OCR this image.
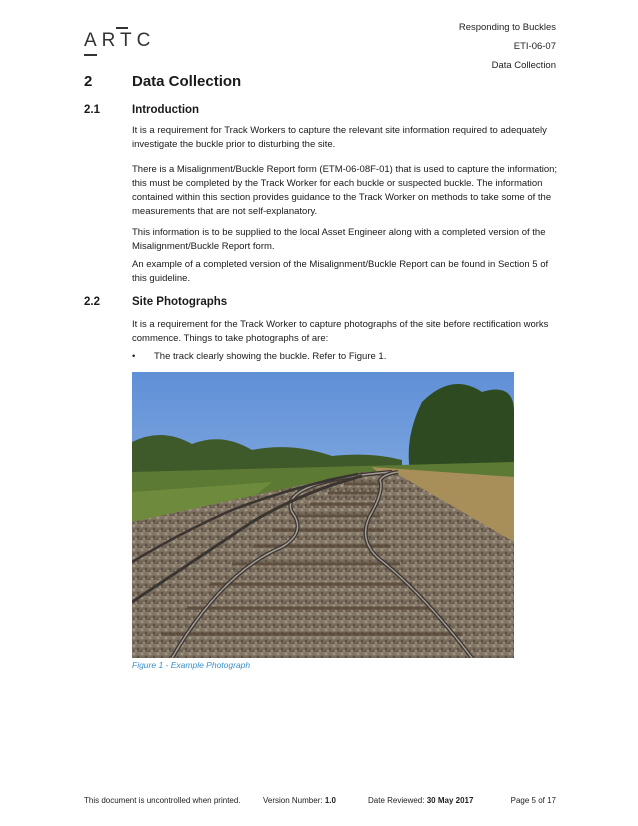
ARTC
Responding to Buckles
ETI-06-07
Data Collection
2	Data Collection
2.1	Introduction
It is a requirement for Track Workers to capture the relevant site information required to adequately investigate the buckle prior to disturbing the site.
There is a Misalignment/Buckle Report form (ETM-06-08F-01) that is used to capture the information; this must be completed by the Track Worker for each buckle or suspected buckle. The information contained within this section provides guidance to the Track Worker on methods to take some of the measurements that are not self-explanatory.
This information is to be supplied to the local Asset Engineer along with a completed version of the Misalignment/Buckle Report form.
An example of a completed version of the Misalignment/Buckle Report can be found in Section 5 of this guideline.
2.2	Site Photographs
It is a requirement for the Track Worker to capture photographs of the site before rectification works commence. Things to take photographs of are:
• The track clearly showing the buckle. Refer to Figure 1.
Figure 1 - Example Photograph
This document is uncontrolled when printed.	Version Number: 1.0	Date Reviewed: 30 May 2017	Page 5 of 17
